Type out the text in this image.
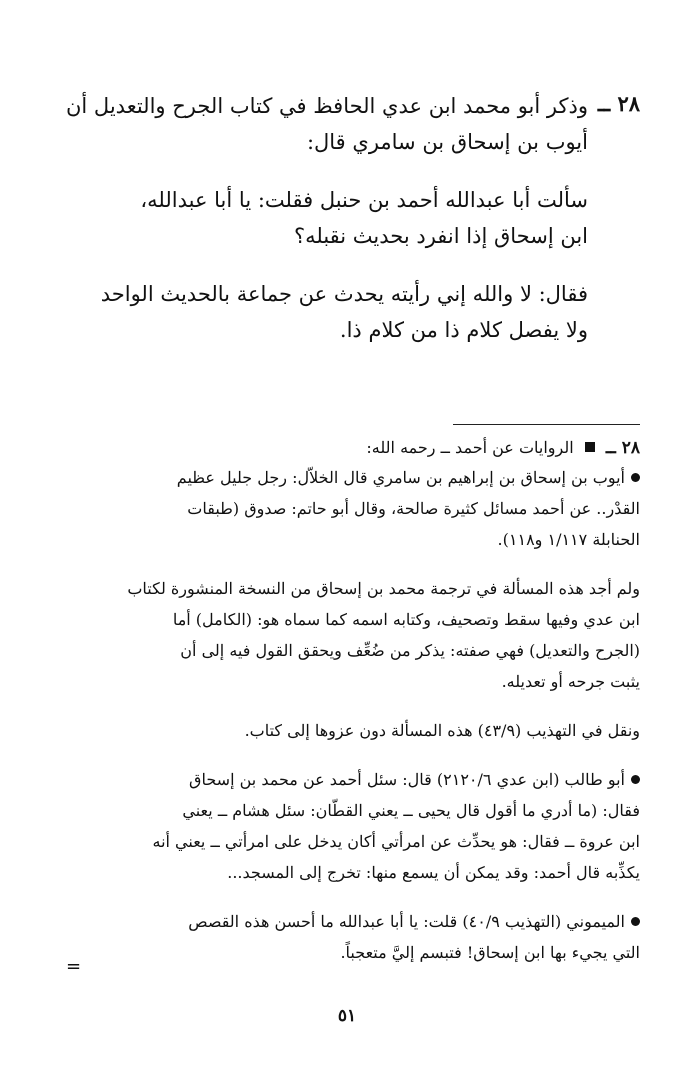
٢٨ ــ
وذكر أبو محمد ابن عدي الحافظ في كتاب الجرح والتعديل أن
أيوب بن إسحاق بن سامري قال:
سألت أبا عبدالله أحمد بن حنبل فقلت: يا أبا عبدالله،
ابن إسحاق إذا انفرد بحديث نقبله؟
فقال: لا والله إني رأيته يحدث عن جماعة بالحديث الواحد
ولا يفصل كلام ذا من كلام ذا.
٢٨ ــ  الروايات عن أحمد ــ رحمه الله:
أيوب بن إسحاق بن إبراهيم بن سامري قال الخلاّل: رجل جليل عظيم
القدْر.. عن أحمد مسائل كثيرة صالحة، وقال أبو حاتم: صدوق (طبقات
الحنابلة ١/١١٧ و١١٨).
ولم أجد هذه المسألة في ترجمة محمد بن إسحاق من النسخة المنشورة لكتاب
ابن عدي وفيها سقط وتصحيف، وكتابه اسمه كما سماه هو: (الكامل) أما
(الجرح والتعديل) فهي صفته: يذكر من ضُعِّف ويحقق القول فيه إلى أن
يثبت جرحه أو تعديله.
ونقل في التهذيب (٤٣/٩) هذه المسألة دون عزوها إلى كتاب.
أبو طالب (ابن عدي ٢١٢٠/٦) قال: سئل أحمد عن محمد بن إسحاق
فقال: (ما أدري ما أقول قال يحيى ــ يعني القطّان: سئل هشام ــ يعني
ابن عروة ــ فقال: هو يحدِّث عن امرأتي أكان يدخل على امرأتي ــ يعني أنه
يكذِّبه قال أحمد: وقد يمكن أن يسمع منها: تخرج إلى المسجد...
الميموني (التهذيب ٤٠/٩) قلت: يا أبا عبدالله ما أحسن هذه القصص
التي يجيء بها ابن إسحاق! فتبسم إليَّ متعجباً.
=
٥١
